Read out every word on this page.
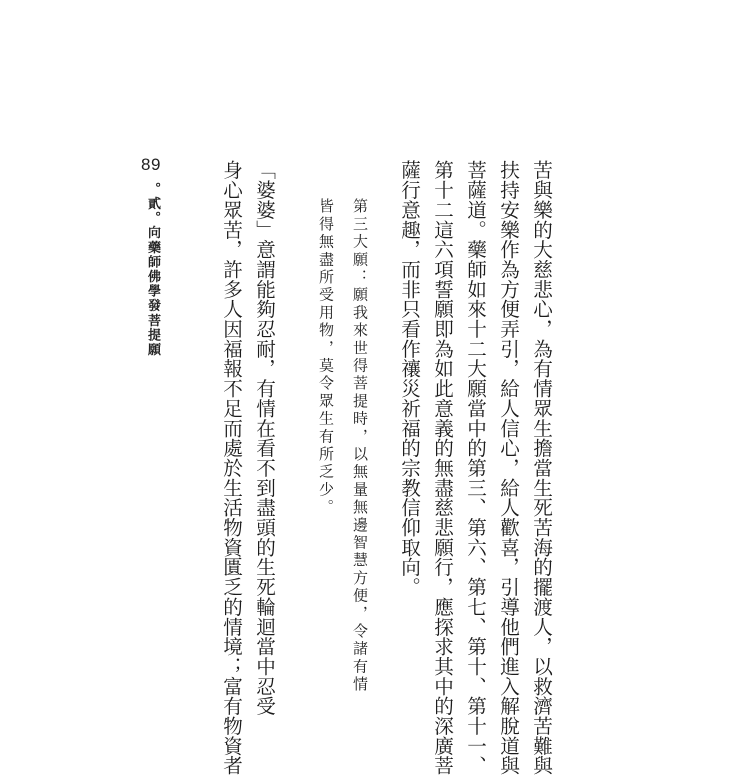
89
。貳。向藥師佛學發菩提願	苦與樂的大慈悲心，為有情眾生擔當生死苦海的擺渡人，以救濟苦難與
扶持安樂作為方便弄引，給人信心，給人歡喜，引導他們進入解脫道與
菩薩道。藥師如來十二大願當中的第三、第六、第七、第十、第十一、
第十二這六項誓願即為如此意義的無盡慈悲願行，應探求其中的深廣菩
薩行意趣，而非只看作禳災祈福的宗教信仰取向。
第三大願：願我來世得菩提時，以無量無邊智慧方便，令諸有情
皆得無盡所受用物，莫令眾生有所乏少。
「婆婆」意謂能夠忍耐，有情在看不到盡頭的生死輪迴當中忍受
身心眾苦，許多人因福報不足而處於生活物資匱乏的情境；富有物資者
